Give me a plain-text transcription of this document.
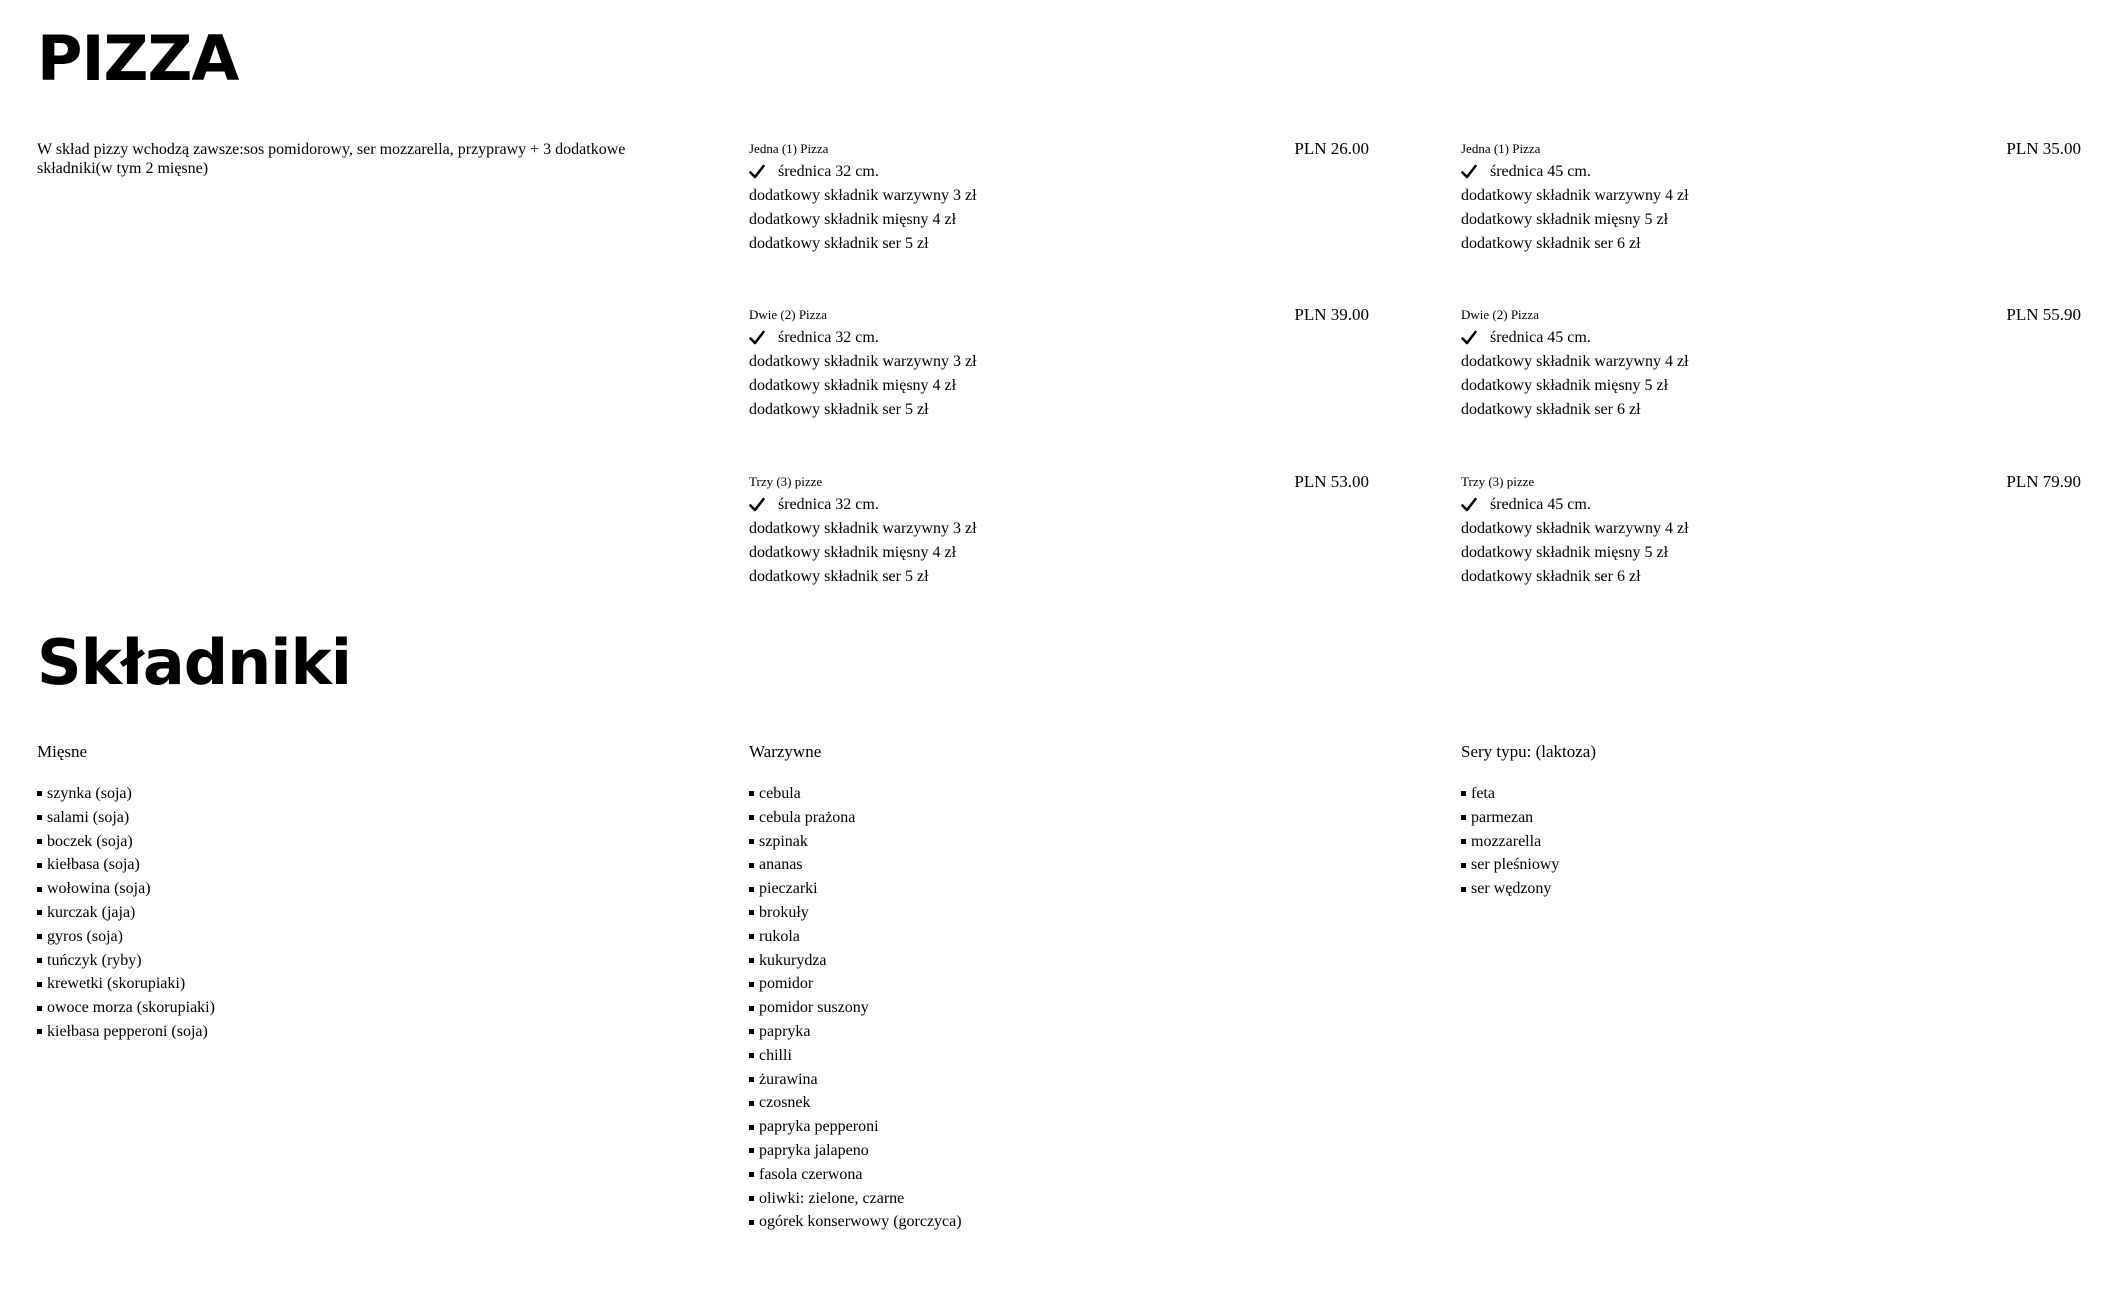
PIZZA
W skład pizzy wchodzą zawsze:sos pomidorowy, ser mozzarella, przyprawy + 3 dodatkowe składniki(w tym 2 mięsne)
Jedna (1) Pizza	PLN 26.00
średnica 32 cm.
dodatkowy składnik warzywny 3 zł
dodatkowy składnik mięsny 4 zł
dodatkowy składnik ser 5 zł
Jedna (1) Pizza	PLN 35.00
średnica 45 cm.
dodatkowy składnik warzywny 4 zł
dodatkowy składnik mięsny 5 zł
dodatkowy składnik ser 6 zł
Dwie (2) Pizza	PLN 39.00
średnica 32 cm.
dodatkowy składnik warzywny 3 zł
dodatkowy składnik mięsny 4 zł
dodatkowy składnik ser 5 zł
Dwie (2) Pizza	PLN 55.90
średnica 45 cm.
dodatkowy składnik warzywny 4 zł
dodatkowy składnik mięsny 5 zł
dodatkowy składnik ser 6 zł
Trzy (3) pizze	PLN 53.00
średnica 32 cm.
dodatkowy składnik warzywny 3 zł
dodatkowy składnik mięsny 4 zł
dodatkowy składnik ser 5 zł
Trzy (3) pizze	PLN 79.90
średnica 45 cm.
dodatkowy składnik warzywny 4 zł
dodatkowy składnik mięsny 5 zł
dodatkowy składnik ser 6 zł
Składniki
Mięsne
szynka (soja)
salami (soja)
boczek (soja)
kiełbasa (soja)
wołowina (soja)
kurczak (jaja)
gyros (soja)
tuńczyk (ryby)
krewetki (skorupiaki)
owoce morza (skorupiaki)
kiełbasa pepperoni (soja)
Warzywne
cebula
cebula prażona
szpinak
ananas
pieczarki
brokuły
rukola
kukurydza
pomidor
pomidor suszony
papryka
chilli
żurawina
czosnek
papryka pepperoni
papryka jalapeno
fasola czerwona
oliwki: zielone, czarne
ogórek konserwowy (gorczyca)
Sery typu: (laktoza)
feta
parmezan
mozzarella
ser pleśniowy
ser wędzony
